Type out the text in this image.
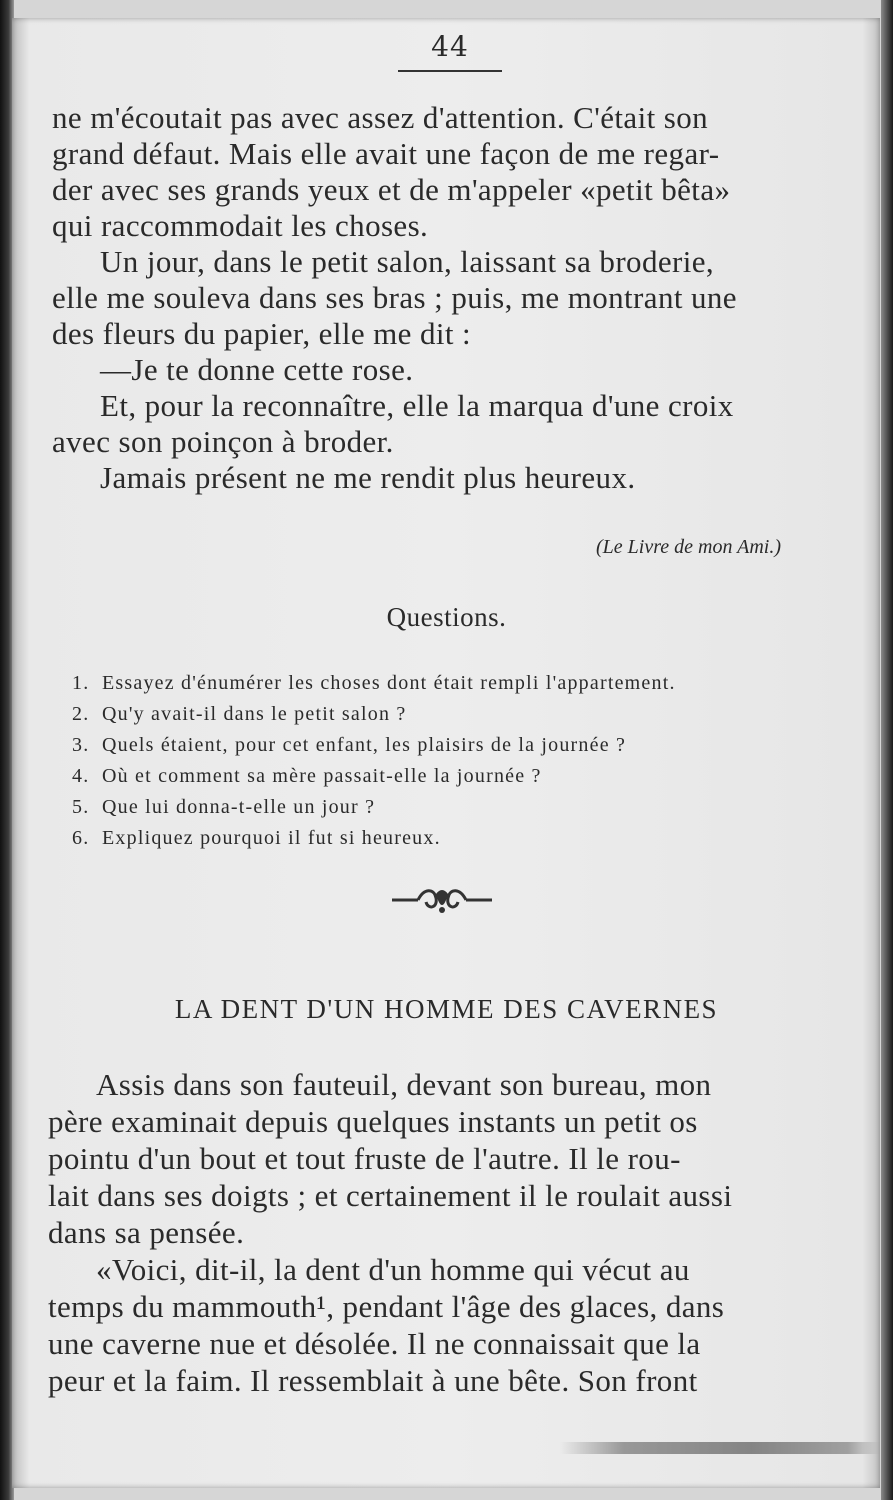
44
ne m'écoutait pas avec assez d'attention. C'était son
grand défaut. Mais elle avait une façon de me regar-
der avec ses grands yeux et de m'appeler «petit bêta»
qui raccommodait les choses.
Un jour, dans le petit salon, laissant sa broderie,
elle me souleva dans ses bras ; puis, me montrant une
des fleurs du papier, elle me dit :
—Je te donne cette rose.
Et, pour la reconnaître, elle la marqua d'une croix
avec son poinçon à broder.
Jamais présent ne me rendit plus heureux.
(Le Livre de mon Ami.)
Questions.
1. Essayez d'énumérer les choses dont était rempli l'appartement.
2. Qu'y avait-il dans le petit salon ?
3. Quels étaient, pour cet enfant, les plaisirs de la journée ?
4. Où et comment sa mère passait-elle la journée ?
5. Que lui donna-t-elle un jour ?
6. Expliquez pourquoi il fut si heureux.
LA DENT D'UN HOMME DES CAVERNES
Assis dans son fauteuil, devant son bureau, mon
père examinait depuis quelques instants un petit os
pointu d'un bout et tout fruste de l'autre. Il le rou-
lait dans ses doigts ; et certainement il le roulait aussi
dans sa pensée.
«Voici, dit-il, la dent d'un homme qui vécut au
temps du mammouth¹, pendant l'âge des glaces, dans
une caverne nue et désolée. Il ne connaissait que la
peur et la faim. Il ressemblait à une bête. Son front
